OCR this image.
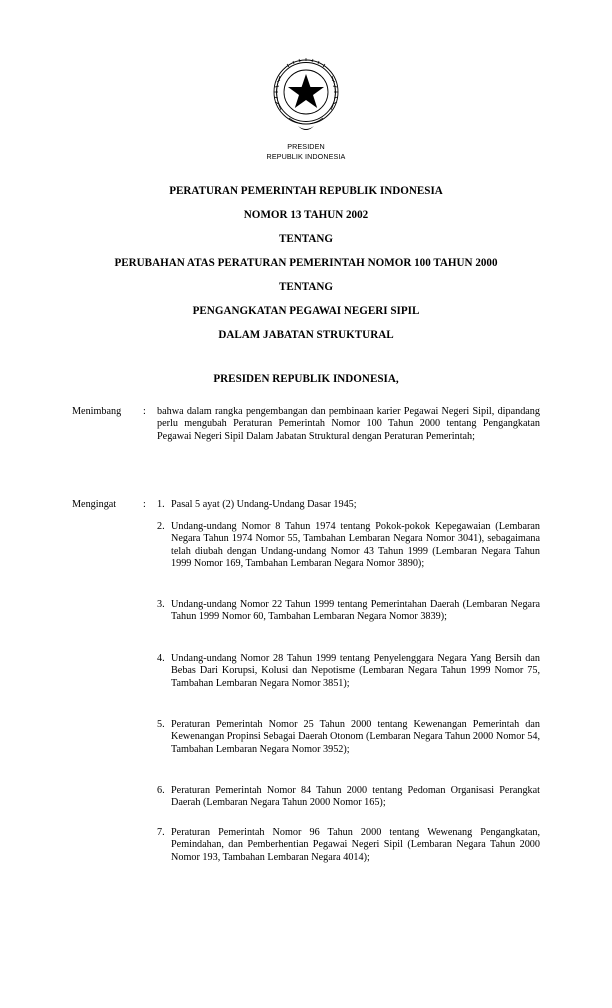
PRESIDEN
REPUBLIK INDONESIA
PERATURAN PEMERINTAH REPUBLIK INDONESIA
NOMOR 13 TAHUN 2002
TENTANG
PERUBAHAN ATAS PERATURAN PEMERINTAH NOMOR 100 TAHUN 2000
TENTANG
PENGANGKATAN PEGAWAI NEGERI SIPIL
DALAM JABATAN STRUKTURAL
PRESIDEN REPUBLIK INDONESIA,
Menimbang : bahwa dalam rangka pengembangan dan pembinaan karier Pegawai Negeri Sipil, dipandang perlu mengubah Peraturan Pemerintah Nomor 100 Tahun 2000 tentang Pengangkatan Pegawai Negeri Sipil Dalam Jabatan Struktural dengan Peraturan Pemerintah;
Mengingat	: 1. Pasal 5 ayat (2) Undang-Undang Dasar 1945;
2. Undang-undang Nomor 8 Tahun 1974 tentang Pokok-pokok Kepegawaian (Lembaran Negara Tahun 1974 Nomor 55, Tambahan Lembaran Negara Nomor 3041), sebagaimana telah diubah dengan Undang-undang Nomor 43 Tahun 1999 (Lembaran Negara Tahun 1999 Nomor 169, Tambahan Lembaran Negara Nomor 3890);
3. Undang-undang Nomor 22 Tahun 1999 tentang Pemerintahan Daerah (Lembaran Negara Tahun 1999 Nomor 60, Tambahan Lembaran Negara Nomor 3839);
4. Undang-undang Nomor 28 Tahun 1999 tentang Penyelenggara Negara Yang Bersih dan Bebas Dari Korupsi, Kolusi dan Nepotisme (Lembaran Negara Tahun 1999 Nomor 75, Tambahan Lembaran Negara Nomor 3851);
5. Peraturan Pemerintah Nomor 25 Tahun 2000 tentang Kewenangan Pemerintah dan Kewenangan Propinsi Sebagai Daerah Otonom (Lembaran Negara Tahun 2000 Nomor 54, Tambahan Lembaran Negara Nomor 3952);
6. Peraturan Pemerintah Nomor 84 Tahun 2000 tentang Pedoman Organisasi Perangkat Daerah (Lembaran Negara Tahun 2000 Nomor 165);
7. Peraturan Pemerintah Nomor 96 Tahun 2000 tentang Wewenang Pengangkatan, Pemindahan, dan Pemberhentian Pegawai Negeri Sipil (Lembaran Negara Tahun 2000 Nomor 193, Tambahan Lembaran Negara 4014);
